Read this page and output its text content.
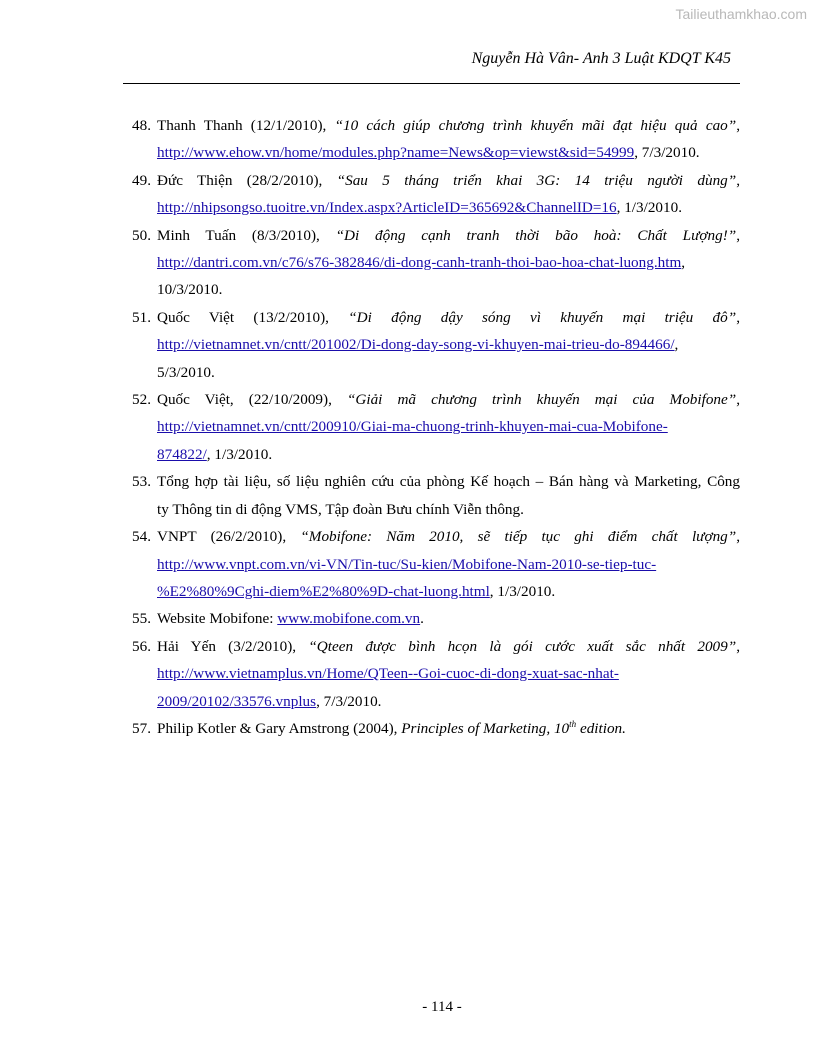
Tailieuthamkhao.com
Nguyễn Hà Vân- Anh 3 Luật KDQT K45
48. Thanh Thanh (12/1/2010), “10 cách giúp chương trình khuyến mãi đạt hiệu quả cao”,
http://www.ehow.vn/home/modules.php?name=News&op=viewst&sid=54999, 7/3/2010.
49. Đức Thiện (28/2/2010), “Sau 5 tháng triển khai 3G: 14 triệu người dùng”,
http://nhipsongso.tuoitre.vn/Index.aspx?ArticleID=365692&ChannelID=16, 1/3/2010.
50. Minh Tuấn (8/3/2010), “Di động cạnh tranh thời bão hoà: Chất Lượng!”,
http://dantri.com.vn/c76/s76-382846/di-dong-canh-tranh-thoi-bao-hoa-chat-luong.htm,
10/3/2010.
51. Quốc Việt (13/2/2010), “Di động dậy sóng vì khuyến mại triệu đô”,
http://vietnamnet.vn/cntt/201002/Di-dong-day-song-vi-khuyen-mai-trieu-do-894466/,
5/3/2010.
52. Quốc Việt, (22/10/2009), “Giải mã chương trình khuyến mại của Mobifone”,
http://vietnamnet.vn/cntt/200910/Giai-ma-chuong-trinh-khuyen-mai-cua-Mobifone-
874822/, 1/3/2010.
53. Tổng hợp tài liệu, số liệu nghiên cứu của phòng Kế hoạch – Bán hàng và Marketing, Công
ty Thông tin di động VMS, Tập đoàn Bưu chính Viễn thông.
54. VNPT (26/2/2010), “Mobifone: Năm 2010, sẽ tiếp tục ghi điểm chất lượng”,
http://www.vnpt.com.vn/vi-VN/Tin-tuc/Su-kien/Mobifone-Nam-2010-se-tiep-tuc-
%E2%80%9Cghi-diem%E2%80%9D-chat-luong.html, 1/3/2010.
55. Website Mobifone: www.mobifone.com.vn.
56. Hải Yến (3/2/2010), “Qteen được bình hcọn là gói cước xuất sắc nhất 2009”,
http://www.vietnamplus.vn/Home/QTeen--Goi-cuoc-di-dong-xuat-sac-nhat-
2009/20102/33576.vnplus, 7/3/2010.
57. Philip Kotler & Gary Amstrong (2004), Principles of Marketing, 10th edition.
- 114 -
